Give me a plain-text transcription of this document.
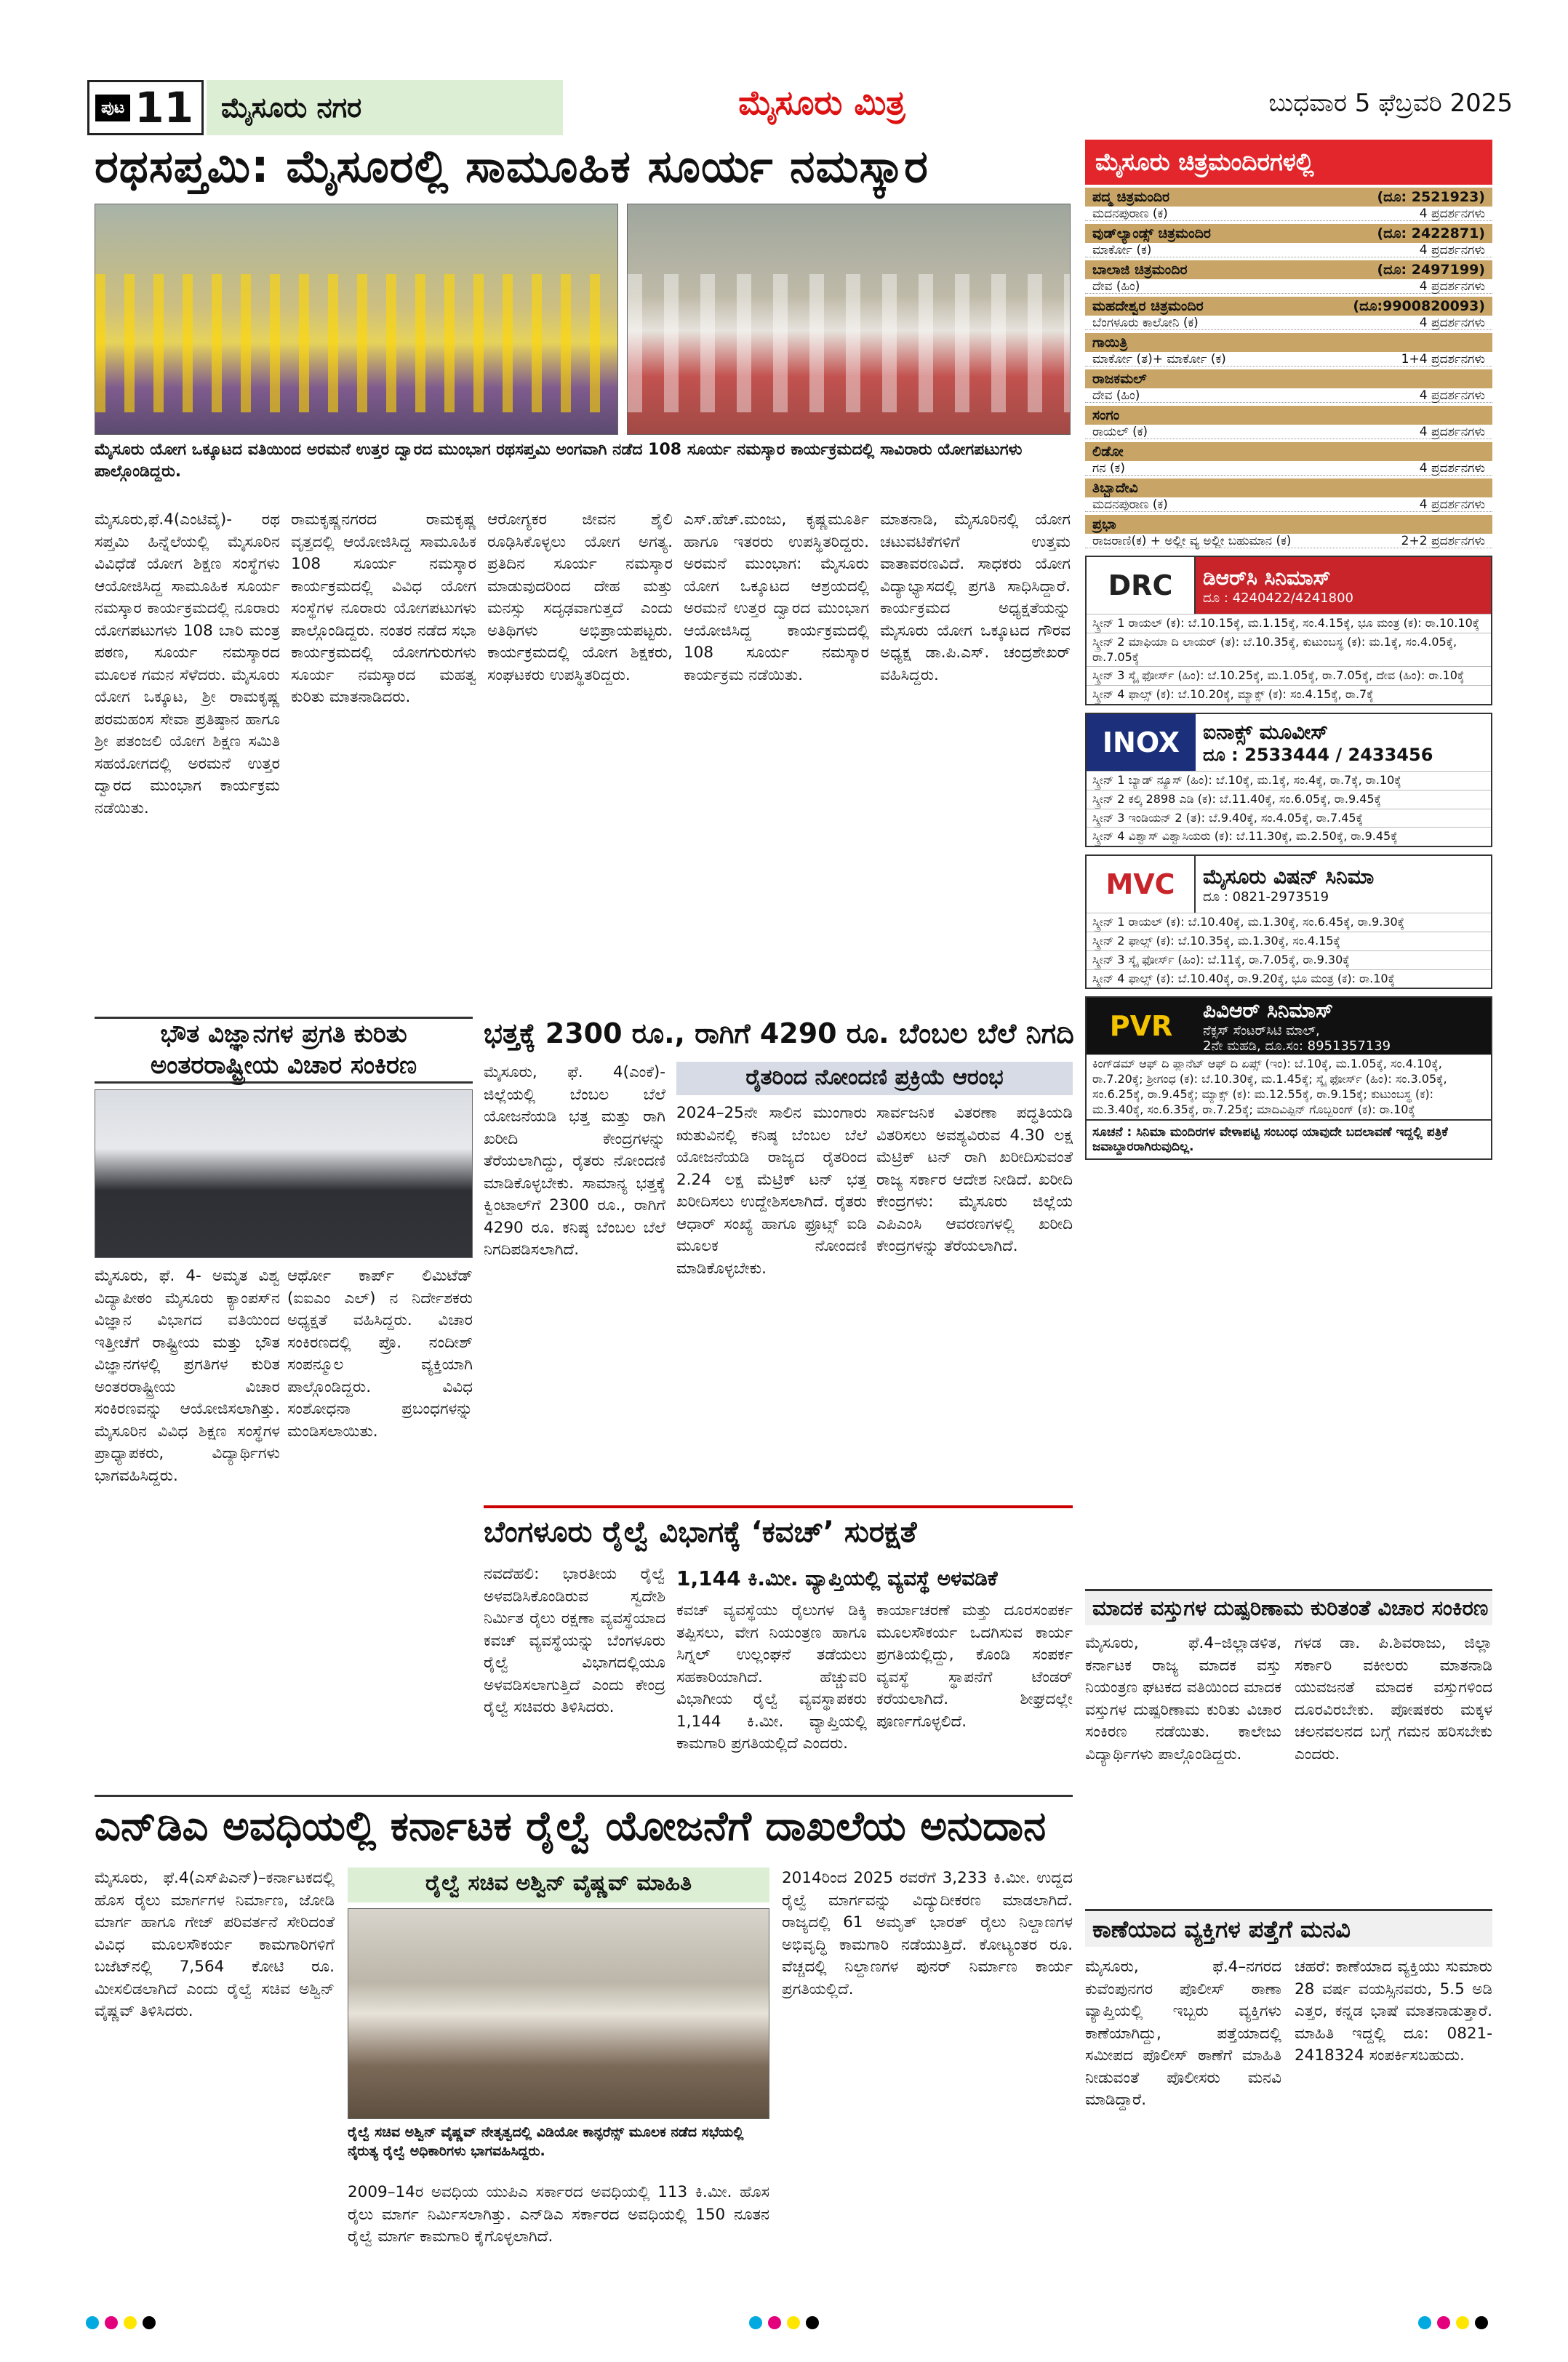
ಪುಟ 11	ಮೈಸೂರು ನಗರ	ಮೈಸೂರು ಮಿತ್ರ	ಬುಧವಾರ 5 ಫೆಬ್ರವರಿ 2025
ರಥಸಪ್ತಮಿ: ಮೈಸೂರಲ್ಲಿ ಸಾಮೂಹಿಕ ಸೂರ್ಯ ನಮಸ್ಕಾರ
ಮೈಸೂರು ಯೋಗ ಒಕ್ಕೂಟದ ವತಿಯಿಂದ ಅರಮನೆ ಉತ್ತರ ದ್ವಾರದ ಮುಂಭಾಗ ರಥಸಪ್ತಮಿ ಅಂಗವಾಗಿ ನಡೆದ 108 ಸೂರ್ಯ ನಮಸ್ಕಾರ ಕಾರ್ಯಕ್ರಮದಲ್ಲಿ ಸಾವಿರಾರು ಯೋಗಪಟುಗಳು ಪಾಲ್ಗೊಂಡಿದ್ದರು.
ಮೈಸೂರು,ಫೆ.4(ಎಂ‌ಟಿವೈ)- ರಥ ಸಪ್ತಮಿ ಹಿನ್ನೆಲೆಯಲ್ಲಿ ಮೈಸೂರಿನ ವಿವಿಧೆಡೆ ಯೋಗ ಶಿಕ್ಷಣ ಸಂಸ್ಥೆಗಳು ಆಯೋಜಿಸಿದ್ದ ಸಾಮೂಹಿಕ ಸೂರ್ಯ ನಮಸ್ಕಾರ ಕಾರ್ಯಕ್ರಮದಲ್ಲಿ ನೂರಾರು ಯೋಗಪಟುಗಳು 108 ಬಾರಿ ಮಂತ್ರ ಪಠಣ, ಸೂರ್ಯ ನಮಸ್ಕಾರದ ಮೂಲಕ ಗಮನ ಸೆಳೆದರು. ಮೈಸೂರು ಯೋಗ ಒಕ್ಕೂಟ, ಶ್ರೀ ರಾಮಕೃಷ್ಣ ಪರಮಹಂಸ ಸೇವಾ ಪ್ರತಿಷ್ಠಾನ ಹಾಗೂ ಶ್ರೀ ಪತಂಜಲಿ ಯೋಗ ಶಿಕ್ಷಣ ಸಮಿತಿ ಸಹಯೋಗದಲ್ಲಿ ಅರಮನೆ ಉತ್ತರ ದ್ವಾರದ ಮುಂಭಾಗ ಕಾರ್ಯಕ್ರಮ ನಡೆಯಿತು.
ರಾಮಕೃಷ್ಣನಗರದ ರಾಮಕೃಷ್ಣ ವೃತ್ತದಲ್ಲಿ ಆಯೋಜಿಸಿದ್ದ ಸಾಮೂಹಿಕ 108 ಸೂರ್ಯ ನಮಸ್ಕಾರ ಕಾರ್ಯಕ್ರಮದಲ್ಲಿ ವಿವಿಧ ಯೋಗ ಸಂಸ್ಥೆಗಳ ನೂರಾರು ಯೋಗಪಟುಗಳು ಪಾಲ್ಗೊಂಡಿದ್ದರು. ನಂತರ ನಡೆದ ಸಭಾ ಕಾರ್ಯಕ್ರಮದಲ್ಲಿ ಯೋಗಗುರುಗಳು ಸೂರ್ಯ ನಮಸ್ಕಾರದ ಮಹತ್ವ ಕುರಿತು ಮಾತನಾಡಿದರು.
ಆರೋಗ್ಯಕರ ಜೀವನ ಶೈಲಿ ರೂಢಿಸಿಕೊಳ್ಳಲು ಯೋಗ ಅಗತ್ಯ. ಪ್ರತಿದಿನ ಸೂರ್ಯ ನಮಸ್ಕಾರ ಮಾಡುವುದರಿಂದ ದೇಹ ಮತ್ತು ಮನಸ್ಸು ಸದೃಢವಾಗುತ್ತದೆ ಎಂದು ಅತಿಥಿಗಳು ಅಭಿಪ್ರಾಯಪಟ್ಟರು. ಕಾರ್ಯಕ್ರಮದಲ್ಲಿ ಯೋಗ ಶಿಕ್ಷಕರು, ಸಂಘಟಕರು ಉಪಸ್ಥಿತರಿದ್ದರು.
ಎಸ್.ಹೆಚ್.ಮಂಜು, ಕೃಷ್ಣಮೂರ್ತಿ ಹಾಗೂ ಇತರರು ಉಪಸ್ಥಿತರಿದ್ದರು. ಅರಮನೆ ಮುಂಭಾಗ: ಮೈಸೂರು ಯೋಗ ಒಕ್ಕೂಟದ ಆಶ್ರಯದಲ್ಲಿ ಅರಮನೆ ಉತ್ತರ ದ್ವಾರದ ಮುಂಭಾಗ ಆಯೋಜಿಸಿದ್ದ ಕಾರ್ಯಕ್ರಮದಲ್ಲಿ 108 ಸೂರ್ಯ ನಮಸ್ಕಾರ ಕಾರ್ಯಕ್ರಮ ನಡೆಯಿತು.
ಮಾತನಾಡಿ, ಮೈಸೂರಿನಲ್ಲಿ ಯೋಗ ಚಟುವಟಿಕೆಗಳಿಗೆ ಉತ್ತಮ ವಾತಾವರಣವಿದೆ. ಸಾಧಕರು ಯೋಗ ವಿದ್ಯಾಭ್ಯಾಸದಲ್ಲಿ ಪ್ರಗತಿ ಸಾಧಿಸಿದ್ದಾರೆ. ಕಾರ್ಯಕ್ರಮದ ಅಧ್ಯಕ್ಷತೆಯನ್ನು ಮೈಸೂರು ಯೋಗ ಒಕ್ಕೂಟದ ಗೌರವ ಅಧ್ಯಕ್ಷ ಡಾ.ಪಿ.ಎಸ್. ಚಂದ್ರಶೇಖರ್ ವಹಿಸಿದ್ದರು.
ಮೈಸೂರು ಚಿತ್ರಮಂದಿರಗಳಲ್ಲಿ
ಪದ್ಮ ಚಿತ್ರಮಂದಿರ	(ದೂ: 2521923)
ಮದನಪುರಾಣ (ಕ)	4 ಪ್ರದರ್ಶನಗಳು
ವುಡ್‌ಲ್ಯಾಂಡ್ಸ್ ಚಿತ್ರಮಂದಿರ	(ದೂ: 2422871)
ಮಾರ್ಕೋ (ಕ)	4 ಪ್ರದರ್ಶನಗಳು
ಬಾಲಾಜಿ ಚಿತ್ರಮಂದಿರ	(ದೂ: 2497199)
ದೇವ (ಹಿಂ)	4 ಪ್ರದರ್ಶನಗಳು
ಮಹದೇಶ್ವರ ಚಿತ್ರಮಂದಿರ	(ದೂ:9900820093)
ಬೆಂಗಳೂರು ಕಾಲೋನಿ (ಕ)	4 ಪ್ರದರ್ಶನಗಳು
ಗಾಯಿತ್ರಿ
ಮಾರ್ಕೋ (ತ)+ ಮಾರ್ಕೋ (ಕ)	1+4 ಪ್ರದರ್ಶನಗಳು
ರಾಜಕಮಲ್
ದೇವ (ಹಿಂ)	4 ಪ್ರದರ್ಶನಗಳು
ಸಂಗಂ
ರಾಯಲ್ (ಕ)	4 ಪ್ರದರ್ಶನಗಳು
ಲಿಡೋ
ಗನ (ಕ)	4 ಪ್ರದರ್ಶನಗಳು
ತಿಬ್ಬಾದೇವಿ
ಮದನಪುರಾಣ (ಕ)	4 ಪ್ರದರ್ಶನಗಳು
ಪ್ರಭಾ
ರಾಜರಾಣಿ(ಕ) + ಅಲ್ಲೀ ವ್ಯ ಅಲ್ಲೀ ಬಹುಮಾನ (ಕ)	2+2 ಪ್ರದರ್ಶನಗಳು
DRC	ಡಿಆರ್‌ಸಿ ಸಿನಿಮಾಸ್
ದೂ : 4240422/4241800
ಸ್ಕ್ರೀನ್ 1 ರಾಯಲ್ (ಕ): ಬೆ.10.15ಕ್ಕೆ, ಮ.1.15ಕ್ಕೆ, ಸಂ.4.15ಕ್ಕೆ, ಭೂ ಮಂತ್ರ (ಕ): ರಾ.10.10ಕ್ಕೆ
ಸ್ಕ್ರೀನ್ 2 ಮಾಫಿಯಾ ದಿ ಲಾಯರ್ (ತ): ಬೆ.10.35ಕ್ಕೆ, ಕುಟುಂಬಸ್ಥ (ಕ): ಮ.1ಕ್ಕೆ, ಸಂ.4.05ಕ್ಕೆ, ರಾ.7.05ಕ್ಕೆ
ಸ್ಕ್ರೀನ್ 3 ಸ್ಕೈ ಫೋರ್ಸ್ (ಹಿಂ): ಬೆ.10.25ಕ್ಕೆ, ಮ.1.05ಕ್ಕೆ, ರಾ.7.05ಕ್ಕೆ, ದೇವ (ಹಿಂ): ರಾ.10ಕ್ಕೆ
ಸ್ಕ್ರೀನ್ 4 ಫಾಲ್ಸ್ (ಕ): ಬೆ.10.20ಕ್ಕೆ, ಮ್ಯಾಕ್ಸ್ (ಕ): ಸಂ.4.15ಕ್ಕೆ, ರಾ.7ಕ್ಕೆ
INOX	ಐನಾಕ್ಸ್ ಮೂವೀಸ್
ದೂ : 2533444 / 2433456
ಸ್ಕ್ರೀನ್ 1 ಬ್ಯಾಡ್ ನ್ಯೂಸ್ (ಹಿಂ): ಬೆ.10ಕ್ಕೆ, ಮ.1ಕ್ಕೆ, ಸಂ.4ಕ್ಕೆ, ರಾ.7ಕ್ಕೆ, ರಾ.10ಕ್ಕೆ
ಸ್ಕ್ರೀನ್ 2 ಕಲ್ಕಿ 2898 ಎಡಿ (ಕ): ಬೆ.11.40ಕ್ಕೆ, ಸಂ.6.05ಕ್ಕೆ, ರಾ.9.45ಕ್ಕೆ
ಸ್ಕ್ರೀನ್ 3 ಇಂಡಿಯನ್ 2 (ತ): ಬೆ.9.40ಕ್ಕೆ, ಸಂ.4.05ಕ್ಕೆ, ರಾ.7.45ಕ್ಕೆ
ಸ್ಕ್ರೀನ್ 4 ವಿಶ್ವಾಸ್ ವಿಶ್ವಾಸಿಯರು (ಕ): ಬೆ.11.30ಕ್ಕೆ, ಮ.2.50ಕ್ಕೆ, ರಾ.9.45ಕ್ಕೆ
MVC	ಮೈಸೂರು ವಿಷನ್ ಸಿನಿಮಾ
ದೂ : 0821-2973519
ಸ್ಕ್ರೀನ್ 1 ರಾಯಲ್ (ಕ): ಬೆ.10.40ಕ್ಕೆ, ಮ.1.30ಕ್ಕೆ, ಸಂ.6.45ಕ್ಕೆ, ರಾ.9.30ಕ್ಕೆ
ಸ್ಕ್ರೀನ್ 2 ಫಾಲ್ಸ್ (ಕ): ಬೆ.10.35ಕ್ಕೆ, ಮ.1.30ಕ್ಕೆ, ಸಂ.4.15ಕ್ಕೆ
ಸ್ಕ್ರೀನ್ 3 ಸ್ಕೈ ಫೋರ್ಸ್ (ಹಿಂ): ಬೆ.11ಕ್ಕೆ, ರಾ.7.05ಕ್ಕೆ, ರಾ.9.30ಕ್ಕೆ
ಸ್ಕ್ರೀನ್ 4 ಫಾಲ್ಸ್ (ಕ): ಬೆ.10.40ಕ್ಕೆ, ರಾ.9.20ಕ್ಕೆ, ಭೂ ಮಂತ್ರ (ಕ): ರಾ.10ಕ್ಕೆ
PVR	ಪಿವಿಆರ್ ಸಿನಿಮಾಸ್
ನೆಕ್ಸಸ್ ಸೆಂಟರ್‌ಸಿಟಿ ಮಾಲ್,
2ನೇ ಮಹಡಿ, ದೂ.ಸಂ: 8951357139
ಕಿಂಗ್‌ಡಮ್ ಆಫ್ ದಿ ಪ್ಲಾನೆಟ್ ಆಫ್ ದಿ ಏಪ್ಸ್ (ಇಂ): ಬೆ.10ಕ್ಕೆ, ಮ.1.05ಕ್ಕೆ, ಸಂ.4.10ಕ್ಕೆ, ರಾ.7.20ಕ್ಕೆ; ಶ್ರೀಗಂಧ (ಕ): ಬೆ.10.30ಕ್ಕೆ, ಮ.1.45ಕ್ಕೆ; ಸ್ಕೈ ಫೋರ್ಸ್ (ಹಿಂ): ಸಂ.3.05ಕ್ಕೆ, ಸಂ.6.25ಕ್ಕೆ, ರಾ.9.45ಕ್ಕೆ; ಮ್ಯಾಕ್ಸ್ (ಕ): ಮ.12.55ಕ್ಕೆ, ರಾ.9.15ಕ್ಕೆ; ಕುಟುಂಬಸ್ಥ (ಕ): ಮ.3.40ಕ್ಕೆ, ಸಂ.6.35ಕ್ಕೆ, ರಾ.7.25ಕ್ಕೆ; ಮಾದಿವಿಪ್ಪಿನ್ ಗೊಬ್ಬರಿಂಗ್ (ಕ): ರಾ.10ಕ್ಕೆ
ಸೂಚನೆ : ಸಿನಿಮಾ ಮಂದಿರಗಳ ವೇಳಾಪಟ್ಟಿ ಸಂಬಂಧ ಯಾವುದೇ ಬದಲಾವಣೆ ಇದ್ದಲ್ಲಿ ಪತ್ರಿಕೆ ಜವಾಬ್ದಾರರಾಗಿರುವುದಿಲ್ಲ.
ಭೌತ ವಿಜ್ಞಾನಗಳ ಪ್ರಗತಿ ಕುರಿತು ಅಂತರರಾಷ್ಟ್ರೀಯ ವಿಚಾರ ಸಂಕಿರಣ
ಮೈಸೂರು, ಫೆ. 4- ಅಮೃತ ವಿಶ್ವ ವಿದ್ಯಾಪೀಠಂ ಮೈಸೂರು ಕ್ಯಾಂಪಸ್‌ನ ವಿಜ್ಞಾನ ವಿಭಾಗದ ವತಿಯಿಂದ ಇತ್ತೀಚೆಗೆ ರಾಷ್ಟ್ರೀಯ ಮತ್ತು ಭೌತ ವಿಜ್ಞಾನಗಳಲ್ಲಿ ಪ್ರಗತಿಗಳ ಕುರಿತ ಅಂತರರಾಷ್ಟ್ರೀಯ ವಿಚಾರ ಸಂಕಿರಣವನ್ನು ಆಯೋಜಿಸಲಾಗಿತ್ತು. ಮೈಸೂರಿನ ವಿವಿಧ ಶಿಕ್ಷಣ ಸಂಸ್ಥೆಗಳ ಪ್ರಾಧ್ಯಾಪಕರು, ವಿದ್ಯಾರ್ಥಿಗಳು ಭಾಗವಹಿಸಿದ್ದರು.
ಆರ್ಥೋ ಕಾರ್ಪ್ ಲಿಮಿಟೆಡ್ (ಐಐಎಂ ಎಲ್) ನ ನಿರ್ದೇಶಕರು ಅಧ್ಯಕ್ಷತೆ ವಹಿಸಿದ್ದರು. ವಿಚಾರ ಸಂಕಿರಣದಲ್ಲಿ ಪ್ರೊ. ನಂದೀಶ್ ಸಂಪನ್ಮೂಲ ವ್ಯಕ್ತಿಯಾಗಿ ಪಾಲ್ಗೊಂಡಿದ್ದರು. ವಿವಿಧ ಸಂಶೋಧನಾ ಪ್ರಬಂಧಗಳನ್ನು ಮಂಡಿಸಲಾಯಿತು.
ಭತ್ತಕ್ಕೆ 2300 ರೂ., ರಾಗಿಗೆ 4290 ರೂ. ಬೆಂಬಲ ಬೆಲೆ ನಿಗದಿ
ಮೈಸೂರು, ಫೆ. 4(ಎಂಕೆ)- ಜಿಲ್ಲೆಯಲ್ಲಿ ಬೆಂಬಲ ಬೆಲೆ ಯೋಜನೆಯಡಿ ಭತ್ತ ಮತ್ತು ರಾಗಿ ಖರೀದಿ ಕೇಂದ್ರಗಳನ್ನು ತೆರೆಯಲಾಗಿದ್ದು, ರೈತರು ನೋಂದಣಿ ಮಾಡಿಕೊಳ್ಳಬೇಕು. ಸಾಮಾನ್ಯ ಭತ್ತಕ್ಕೆ ಕ್ವಿಂಟಾಲ್‌ಗೆ 2300 ರೂ., ರಾಗಿಗೆ 4290 ರೂ. ಕನಿಷ್ಠ ಬೆಂಬಲ ಬೆಲೆ ನಿಗದಿಪಡಿಸಲಾಗಿದೆ.
ರೈತರಿಂದ ನೋಂದಣಿ ಪ್ರಕ್ರಿಯೆ ಆರಂಭ
2024–25ನೇ ಸಾಲಿನ ಮುಂಗಾರು ಋತುವಿನಲ್ಲಿ ಕನಿಷ್ಠ ಬೆಂಬಲ ಬೆಲೆ ಯೋಜನೆಯಡಿ ರಾಜ್ಯದ ರೈತರಿಂದ 2.24 ಲಕ್ಷ ಮೆಟ್ರಿಕ್ ಟನ್ ಭತ್ತ ಖರೀದಿಸಲು ಉದ್ದೇಶಿಸಲಾಗಿದೆ. ರೈತರು ಆಧಾರ್ ಸಂಖ್ಯೆ ಹಾಗೂ ಫ್ರೂಟ್ಸ್ ಐಡಿ ಮೂಲಕ ನೋಂದಣಿ ಮಾಡಿಕೊಳ್ಳಬೇಕು.
ಸಾರ್ವಜನಿಕ ವಿತರಣಾ ಪದ್ಧತಿಯಡಿ ವಿತರಿಸಲು ಅವಶ್ಯವಿರುವ 4.30 ಲಕ್ಷ ಮೆಟ್ರಿಕ್ ಟನ್ ರಾಗಿ ಖರೀದಿಸುವಂತೆ ರಾಜ್ಯ ಸರ್ಕಾರ ಆದೇಶ ನೀಡಿದೆ. ಖರೀದಿ ಕೇಂದ್ರಗಳು: ಮೈಸೂರು ಜಿಲ್ಲೆಯ ಎಪಿಎಂಸಿ ಆವರಣಗಳಲ್ಲಿ ಖರೀದಿ ಕೇಂದ್ರಗಳನ್ನು ತೆರೆಯಲಾಗಿದೆ.
ಬೆಂಗಳೂರು ರೈಲ್ವೆ ವಿಭಾಗಕ್ಕೆ ‘ಕವಚ್’ ಸುರಕ್ಷತೆ
ನವದೆಹಲಿ: ಭಾರತೀಯ ರೈಲ್ವೆ ಅಳವಡಿಸಿಕೊಂಡಿರುವ ಸ್ವದೇಶಿ ನಿರ್ಮಿತ ರೈಲು ರಕ್ಷಣಾ ವ್ಯವಸ್ಥೆಯಾದ ಕವಚ್ ವ್ಯವಸ್ಥೆಯನ್ನು ಬೆಂಗಳೂರು ರೈಲ್ವೆ ವಿಭಾಗದಲ್ಲಿಯೂ ಅಳವಡಿಸಲಾಗುತ್ತಿದೆ ಎಂದು ಕೇಂದ್ರ ರೈಲ್ವೆ ಸಚಿವರು ತಿಳಿಸಿದರು.
1,144 ಕಿ.ಮೀ. ವ್ಯಾಪ್ತಿಯಲ್ಲಿ ವ್ಯವಸ್ಥೆ ಅಳವಡಿಕೆ
ಕವಚ್ ವ್ಯವಸ್ಥೆಯು ರೈಲುಗಳ ಡಿಕ್ಕಿ ತಪ್ಪಿಸಲು, ವೇಗ ನಿಯಂತ್ರಣ ಹಾಗೂ ಸಿಗ್ನಲ್ ಉಲ್ಲಂಘನೆ ತಡೆಯಲು ಸಹಕಾರಿಯಾಗಿದೆ. ಹೆಚ್ಚುವರಿ ವಿಭಾಗೀಯ ರೈಲ್ವೆ ವ್ಯವಸ್ಥಾಪಕರು 1,144 ಕಿ.ಮೀ. ವ್ಯಾಪ್ತಿಯಲ್ಲಿ ಕಾಮಗಾರಿ ಪ್ರಗತಿಯಲ್ಲಿದೆ ಎಂದರು.
ಕಾರ್ಯಾಚರಣೆ ಮತ್ತು ದೂರಸಂಪರ್ಕ ಮೂಲಸೌಕರ್ಯ ಒದಗಿಸುವ ಕಾರ್ಯ ಪ್ರಗತಿಯಲ್ಲಿದ್ದು, ಕೊಂಡಿ ಸಂಪರ್ಕ ವ್ಯವಸ್ಥೆ ಸ್ಥಾಪನೆಗೆ ಟೆಂಡರ್ ಕರೆಯಲಾಗಿದೆ. ಶೀಘ್ರದಲ್ಲೇ ಪೂರ್ಣಗೊಳ್ಳಲಿದೆ.
ಮಾದಕ ವಸ್ತುಗಳ ದುಷ್ಪರಿಣಾಮ ಕುರಿತಂತೆ ವಿಚಾರ ಸಂಕಿರಣ
ಮೈಸೂರು, ಫೆ.4–ಜಿಲ್ಲಾಡಳಿತ, ಕರ್ನಾಟಕ ರಾಜ್ಯ ಮಾದಕ ವಸ್ತು ನಿಯಂತ್ರಣ ಘಟಕದ ವತಿಯಿಂದ ಮಾದಕ ವಸ್ತುಗಳ ದುಷ್ಪರಿಣಾಮ ಕುರಿತು ವಿಚಾರ ಸಂಕಿರಣ ನಡೆಯಿತು. ಕಾಲೇಜು ವಿದ್ಯಾರ್ಥಿಗಳು ಪಾಲ್ಗೊಂಡಿದ್ದರು.
ಗಳಡ ಡಾ. ಪಿ.ಶಿವರಾಜು, ಜಿಲ್ಲಾ ಸರ್ಕಾರಿ ವಕೀಲರು ಮಾತನಾಡಿ ಯುವಜನತೆ ಮಾದಕ ವಸ್ತುಗಳಿಂದ ದೂರವಿರಬೇಕು. ಪೋಷಕರು ಮಕ್ಕಳ ಚಲನವಲನದ ಬಗ್ಗೆ ಗಮನ ಹರಿಸಬೇಕು ಎಂದರು.
ಕಾಣೆಯಾದ ವ್ಯಕ್ತಿಗಳ ಪತ್ತೆಗೆ ಮನವಿ
ಮೈಸೂರು, ಫೆ.4–ನಗರದ ಕುವೆಂಪುನಗರ ಪೊಲೀಸ್ ಠಾಣಾ ವ್ಯಾಪ್ತಿಯಲ್ಲಿ ಇಬ್ಬರು ವ್ಯಕ್ತಿಗಳು ಕಾಣೆಯಾಗಿದ್ದು, ಪತ್ತೆಯಾದಲ್ಲಿ ಸಮೀಪದ ಪೊಲೀಸ್ ಠಾಣೆಗೆ ಮಾಹಿತಿ ನೀಡುವಂತೆ ಪೊಲೀಸರು ಮನವಿ ಮಾಡಿದ್ದಾರೆ.
ಚಹರೆ: ಕಾಣೆಯಾದ ವ್ಯಕ್ತಿಯು ಸುಮಾರು 28 ವರ್ಷ ವಯಸ್ಸಿನವರು, 5.5 ಅಡಿ ಎತ್ತರ, ಕನ್ನಡ ಭಾಷೆ ಮಾತನಾಡುತ್ತಾರೆ. ಮಾಹಿತಿ ಇದ್ದಲ್ಲಿ ದೂ: 0821-2418324 ಸಂಪರ್ಕಿಸಬಹುದು.
ಎನ್‌ಡಿಎ ಅವಧಿಯಲ್ಲಿ ಕರ್ನಾಟಕ ರೈಲ್ವೆ ಯೋಜನೆಗೆ ದಾಖಲೆಯ ಅನುದಾನ
ಮೈಸೂರು, ಫೆ.4(ಎಸ್‌ಪಿಎನ್)–ಕರ್ನಾಟಕದಲ್ಲಿ ಹೊಸ ರೈಲು ಮಾರ್ಗಗಳ ನಿರ್ಮಾಣ, ಜೋಡಿ ಮಾರ್ಗ ಹಾಗೂ ಗೇಜ್ ಪರಿವರ್ತನೆ ಸೇರಿದಂತೆ ವಿವಿಧ ಮೂಲಸೌಕರ್ಯ ಕಾಮಗಾರಿಗಳಿಗೆ ಬಜೆಟ್‌ನಲ್ಲಿ 7,564 ಕೋಟಿ ರೂ. ಮೀಸಲಿಡಲಾಗಿದೆ ಎಂದು ರೈಲ್ವೆ ಸಚಿವ ಅಶ್ವಿನ್ ವೈಷ್ಣವ್ ತಿಳಿಸಿದರು.
ರೈಲ್ವೆ ಸಚಿವ ಅಶ್ವಿನ್ ವೈಷ್ಣವ್ ಮಾಹಿತಿ
ರೈಲ್ವೆ ಸಚಿವ ಅಶ್ವಿನ್ ವೈಷ್ಣವ್ ನೇತೃತ್ವದಲ್ಲಿ ವಿಡಿಯೋ ಕಾನ್ಫರೆನ್ಸ್ ಮೂಲಕ ನಡೆದ ಸಭೆಯಲ್ಲಿ ನೈರುತ್ಯ ರೈಲ್ವೆ ಅಧಿಕಾರಿಗಳು ಭಾಗವಹಿಸಿದ್ದರು.
2009–14ರ ಅವಧಿಯ ಯುಪಿಎ ಸರ್ಕಾರದ ಅವಧಿಯಲ್ಲಿ 113 ಕಿ.ಮೀ. ಹೊಸ ರೈಲು ಮಾರ್ಗ ನಿರ್ಮಿಸಲಾಗಿತ್ತು. ಎನ್‌ಡಿಎ ಸರ್ಕಾರದ ಅವಧಿಯಲ್ಲಿ 150 ನೂತನ ರೈಲ್ವೆ ಮಾರ್ಗ ಕಾಮಗಾರಿ ಕೈಗೊಳ್ಳಲಾಗಿದೆ.
2014ರಿಂದ 2025 ರವರೆಗೆ 3,233 ಕಿ.ಮೀ. ಉದ್ದದ ರೈಲ್ವೆ ಮಾರ್ಗವನ್ನು ವಿದ್ಯುದೀಕರಣ ಮಾಡಲಾಗಿದೆ. ರಾಜ್ಯದಲ್ಲಿ 61 ಅಮೃತ್ ಭಾರತ್ ರೈಲು ನಿಲ್ದಾಣಗಳ ಅಭಿವೃದ್ಧಿ ಕಾಮಗಾರಿ ನಡೆಯುತ್ತಿದೆ. ಕೋಟ್ಯಂತರ ರೂ. ವೆಚ್ಚದಲ್ಲಿ ನಿಲ್ದಾಣಗಳ ಪುನರ್ ನಿರ್ಮಾಣ ಕಾರ್ಯ ಪ್ರಗತಿಯಲ್ಲಿದೆ.
